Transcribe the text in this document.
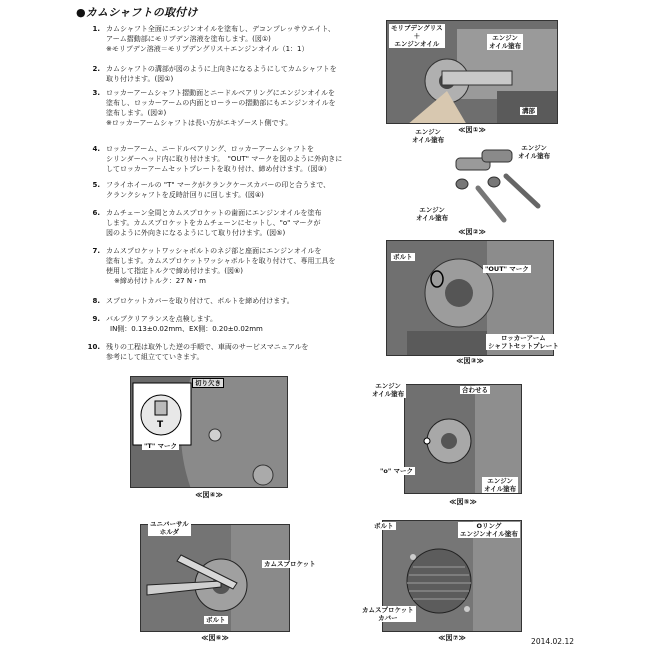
●カムシャフトの取付け
1. カムシャフト全面にエンジンオイルを塗布し、デコンプレッサウエイト、
アーム摺動部にモリブデン溶液を塗布します。(図①)
※モリブデン溶液＝モリブデングリス＋エンジンオイル（1：1）
2. カムシャフトの溝部が図のように上向きになるようにしてカムシャフトを
取り付けます。(図①)
3. ロッカーアームシャフト摺動面とニードルベアリングにエンジンオイルを
塗布し、ロッカーアームの内面とローラーの摺動部にもエンジンオイルを
塗布します。(図②)
※ロッカーアームシャフトは長い方がエキゾースト側です。
4. ロッカーアーム、ニードルベアリング、ロッカーアームシャフトを
シリンダーヘッド内に取り付けます。　"OUT" マークを図のように外向きに
してロッカーアームセットプレートを取り付け、締め付けます。（図③）
5. フライホイールの "T" マークがクランクケースカバーの印と合うまで、
クランクシャフトを反時計回りに回します。(図④)
6. カムチェーン全周とカムスプロケットの歯面にエンジンオイルを塗布
します。カムスプロケットをカムチェーンにセットし、"o" マークが
図のように外向きになるようにして取り付けます。(図⑤)
7. カムスプロケットワッシャボルトのネジ部と座面にエンジンオイルを
塗布します。カムスプロケットワッシャボルトを取り付けて、専用工具を
使用して指定トルクで締め付けます。(図⑥)
※締め付けトルク：27 N・m
8. スプロケットカバーを取り付けて、ボルトを締め付けます。
9. バルブクリアランスを点検します。
IN側：0.13±0.02mm、EX側：0.20±0.02mm
10. 残りの工程は取外した逆の手順で、車両のサービスマニュアルを
参考にして組立てていきます。
モリブデングリス
＋
エンジンオイル
エンジン
オイル塗布
溝部
≪図①≫
エンジン
オイル塗布
エンジン
オイル塗布
エンジン
オイル塗布
≪図②≫
ボルト
"OUT" マーク
ロッカーアーム
シャフトセットプレート
≪図③≫
T
切り欠き
"T" マーク
≪図④≫
エンジン
オイル塗布	合わせる
"o" マーク
エンジン
オイル塗布
≪図⑤≫
ユニバーサル
ホルダ
カムスプロケット
ボルト
≪図⑥≫
ボルト	Oリング
エンジンオイル塗布
カムスプロケット
カバー
≪図⑦≫	2014.02.12
